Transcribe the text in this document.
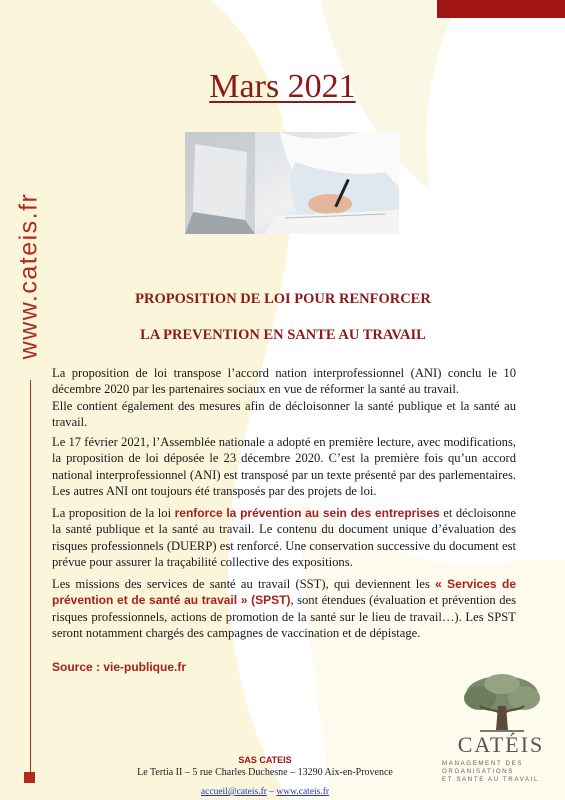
www.cateis.fr
Mars 2021
PROPOSITION DE LOI POUR RENFORCER
LA PREVENTION EN SANTE AU TRAVAIL

La proposition de loi transpose l’accord nation interprofessionnel (ANI) conclu le 10 décembre 2020 par les partenaires sociaux en vue de réformer la santé au travail.

Elle contient également des mesures afin de décloisonner la santé publique et la santé au travail.

Le 17 février 2021, l’Assemblée nationale a adopté en première lecture, avec modifications, la proposition de loi déposée le 23 décembre 2020. C’est la première fois qu’un accord national interprofessionnel (ANI) est transposé par un texte présenté par des parlementaires. Les autres ANI ont toujours été transposés par des projets de loi.

La proposition de la loi renforce la prévention au sein des entreprises et décloisonne la santé publique et la santé au travail. Le contenu du document unique d’évaluation des risques professionnels (DUERP) est renforcé. Une conservation successive du document est prévue pour assurer la traçabilité collective des expositions.

Les missions des services de santé au travail (SST), qui deviennent les « Services de prévention et de santé au travail » (SPST), sont étendues (évaluation et prévention des risques professionnels, actions de promotion de la santé sur le lieu de travail…). Les SPST seront notamment chargés des campagnes de vaccination et de dépistage.

Source : vie-publique.fr
SAS CATEIS
Le Tertia II – 5 rue Charles Duchesne – 13290 Aix-en-Provence
accueil@cateis.fr – www.cateis.fr
CATÉIS
MANAGEMENT DES
ORGANISATIONS
ET SANTE AU TRAVAIL
